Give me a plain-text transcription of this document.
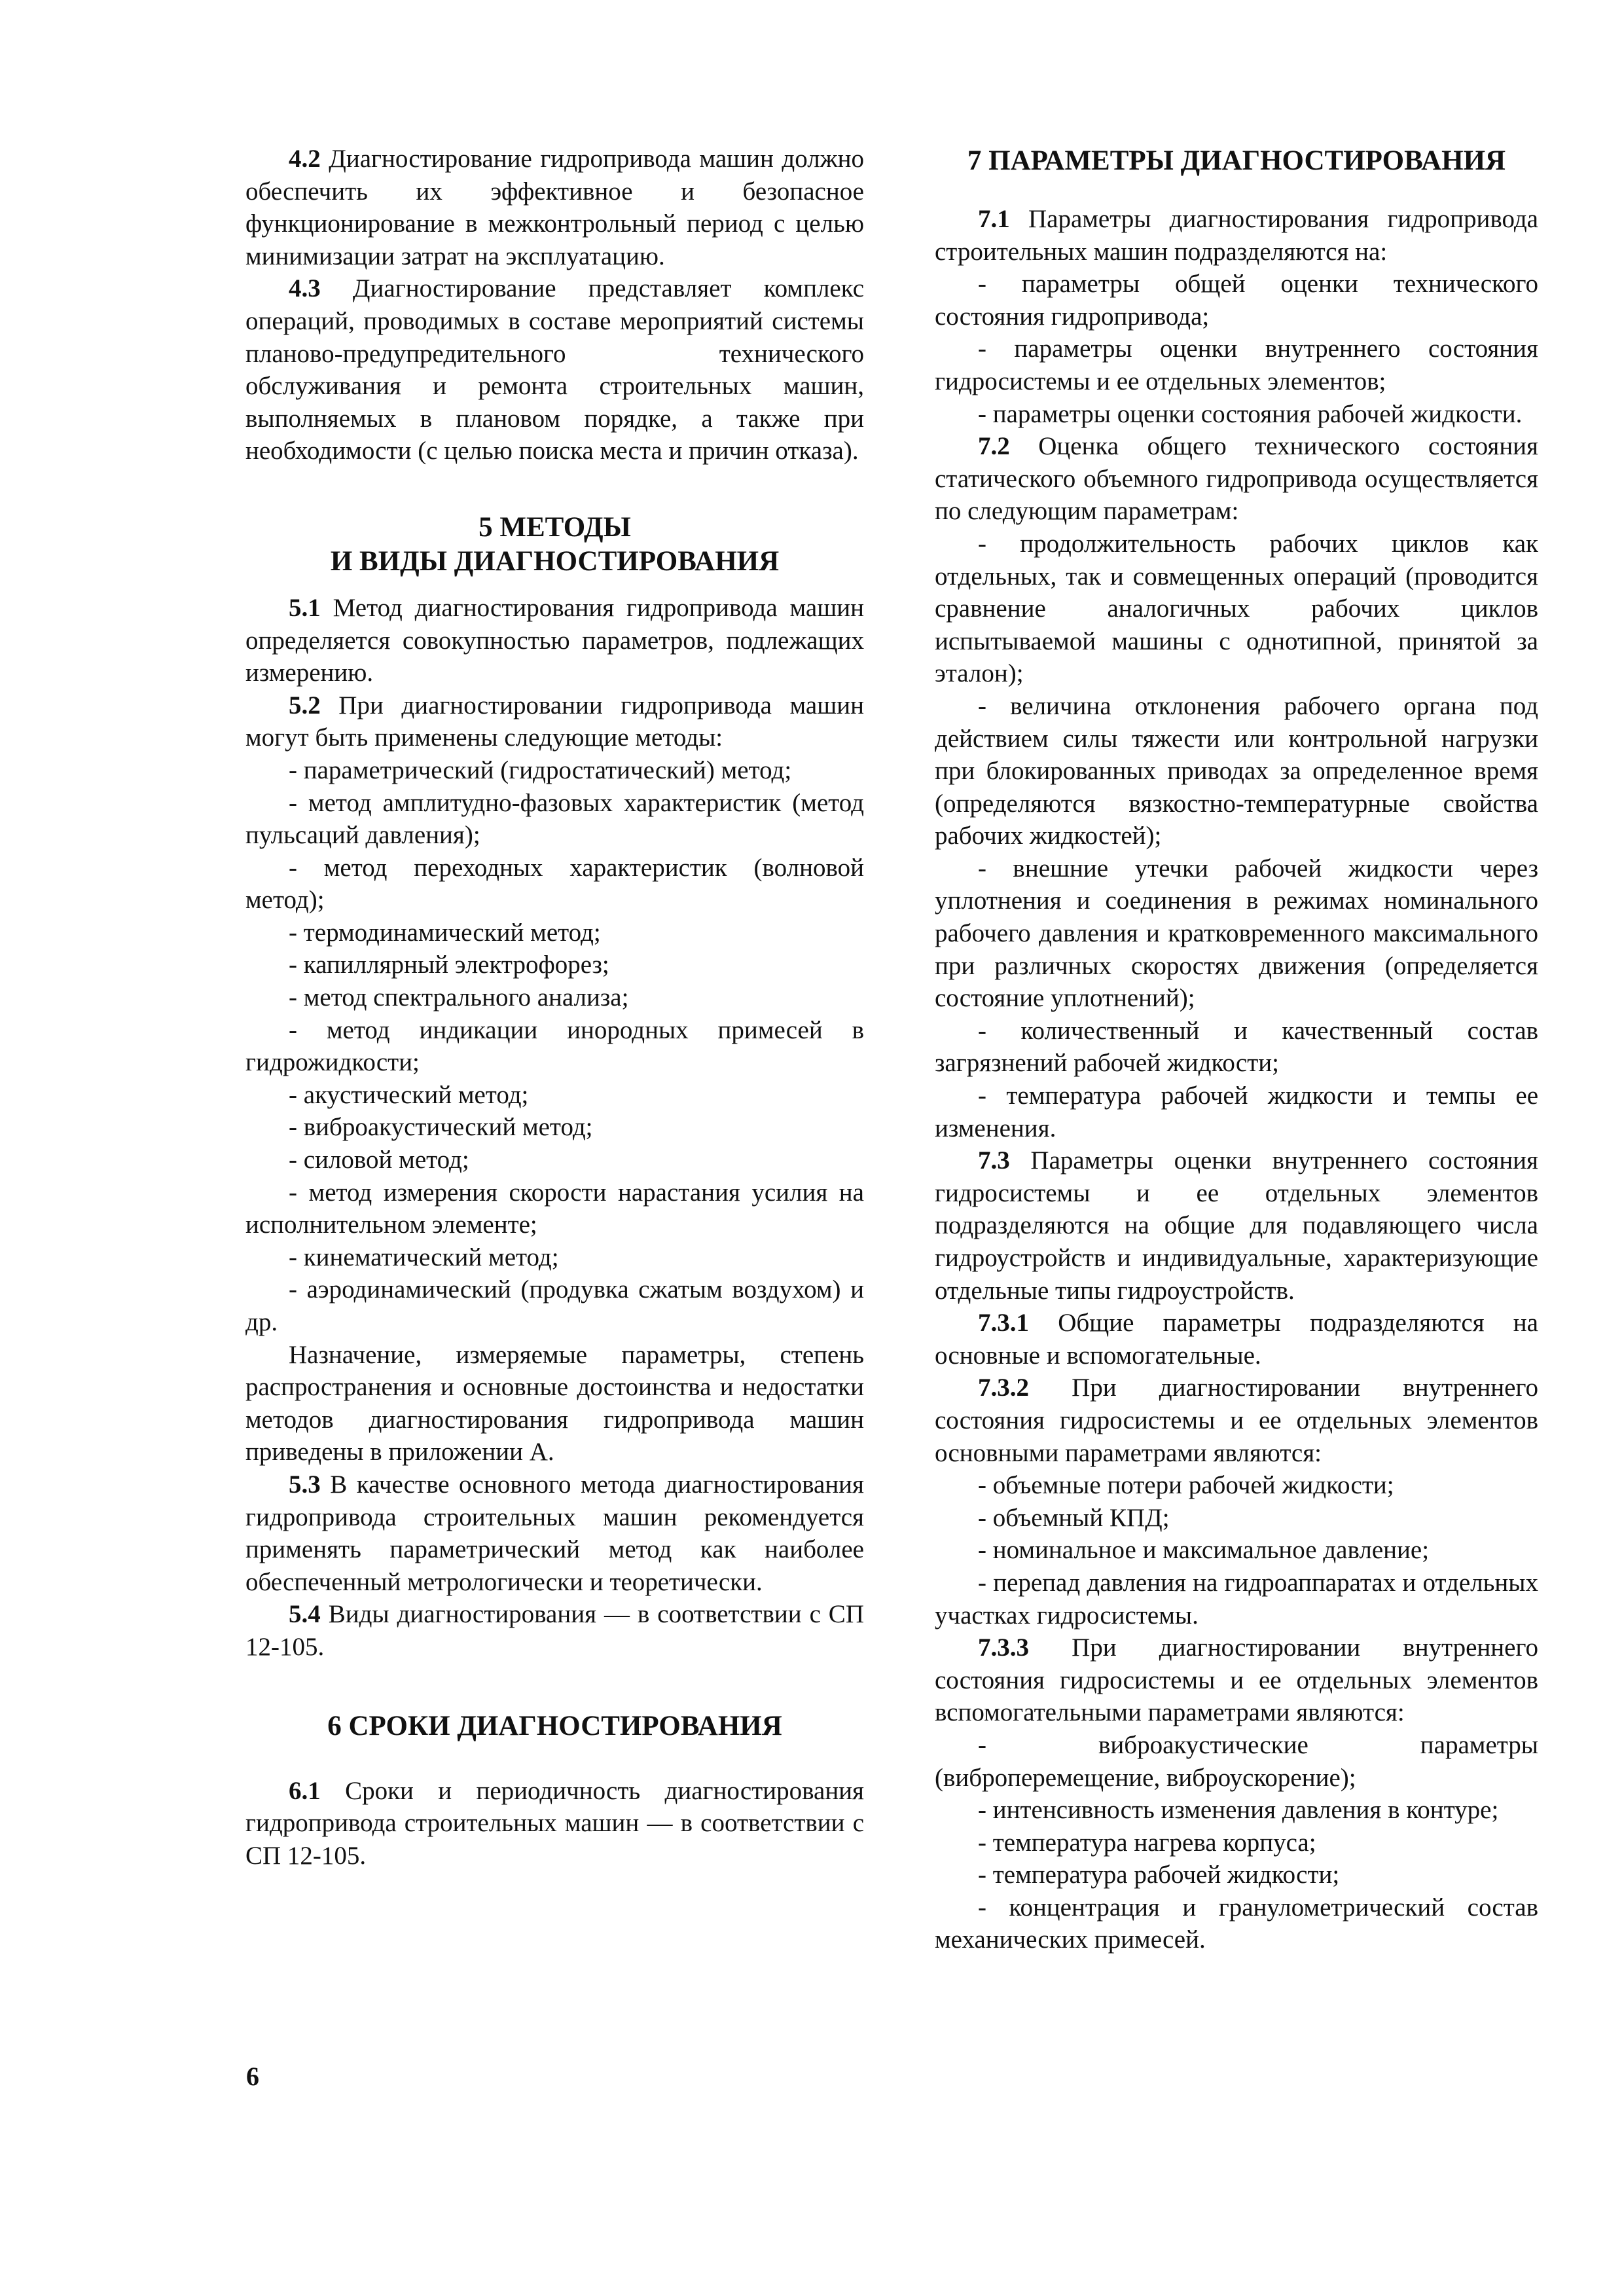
4.2 Диагностирование гидропривода машин должно обеспечить их эффективное и безопасное функционирование в межконтрольный период с целью минимизации затрат на эксплуатацию.

4.3 Диагностирование представляет комплекс операций, проводимых в составе мероприятий системы планово-предупредительного технического обслуживания и ремонта строительных машин, выполняемых в плановом порядке, а также при необходимости (с целью поиска места и причин отказа).

5 МЕТОДЫ
И ВИДЫ ДИАГНОСТИРОВАНИЯ

5.1 Метод диагностирования гидропривода машин определяется совокупностью параметров, подлежащих измерению.

5.2 При диагностировании гидропривода машин могут быть применены следующие методы:

- параметрический (гидростатический) метод;

- метод амплитудно-фазовых характеристик (метод пульсаций давления);

- метод переходных характеристик (волновой метод);

- термодинамический метод;

- капиллярный электрофорез;

- метод спектрального анализа;

- метод индикации инородных примесей в гидрожидкости;

- акустический метод;

- виброакустический метод;

- силовой метод;

- метод измерения скорости нарастания усилия на исполнительном элементе;

- кинематический метод;

- аэродинамический (продувка сжатым воздухом) и др.

Назначение, измеряемые параметры, степень распространения и основные достоинства и недостатки методов диагностирования гидропривода машин приведены в приложении А.

5.3 В качестве основного метода диагностирования гидропривода строительных машин рекомендуется применять параметрический метод как наиболее обеспеченный метрологически и теоретически.

5.4 Виды диагностирования — в соответствии с СП 12-105.

6 СРОКИ ДИАГНОСТИРОВАНИЯ

6.1 Сроки и периодичность диагностирования гидропривода строительных машин — в соответствии с СП 12-105.

7 ПАРАМЕТРЫ ДИАГНОСТИРОВАНИЯ

7.1 Параметры диагностирования гидропривода строительных машин подразделяются на:

- параметры общей оценки технического состояния гидропривода;

- параметры оценки внутреннего состояния гидросистемы и ее отдельных элементов;

- параметры оценки состояния рабочей жидкости.

7.2 Оценка общего технического состояния статического объемного гидропривода осуществляется по следующим параметрам:

- продолжительность рабочих циклов как отдельных, так и совмещенных операций (проводится сравнение аналогичных рабочих циклов испытываемой машины с однотипной, принятой за эталон);

- величина отклонения рабочего органа под действием силы тяжести или контрольной нагрузки при блокированных приводах за определенное время (определяются вязкостно-температурные свойства рабочих жидкостей);

- внешние утечки рабочей жидкости через уплотнения и соединения в режимах номинального рабочего давления и кратковременного максимального при различных скоростях движения (определяется состояние уплотнений);

- количественный и качественный состав загрязнений рабочей жидкости;

- температура рабочей жидкости и темпы ее изменения.

7.3 Параметры оценки внутреннего состояния гидросистемы и ее отдельных элементов подразделяются на общие для подавляющего числа гидроустройств и индивидуальные, характеризующие отдельные типы гидроустройств.

7.3.1 Общие параметры подразделяются на основные и вспомогательные.

7.3.2 При диагностировании внутреннего состояния гидросистемы и ее отдельных элементов основными параметрами являются:

- объемные потери рабочей жидкости;

- объемный КПД;

- номинальное и максимальное давление;

- перепад давления на гидроаппаратах и отдельных участках гидросистемы.

7.3.3 При диагностировании внутреннего состояния гидросистемы и ее отдельных элементов вспомогательными параметрами являются:

- виброакустические параметры (виброперемещение, виброускорение);

- интенсивность изменения давления в контуре;

- температура нагрева корпуса;

- температура рабочей жидкости;

- концентрация и гранулометрический состав механических примесей.

6
